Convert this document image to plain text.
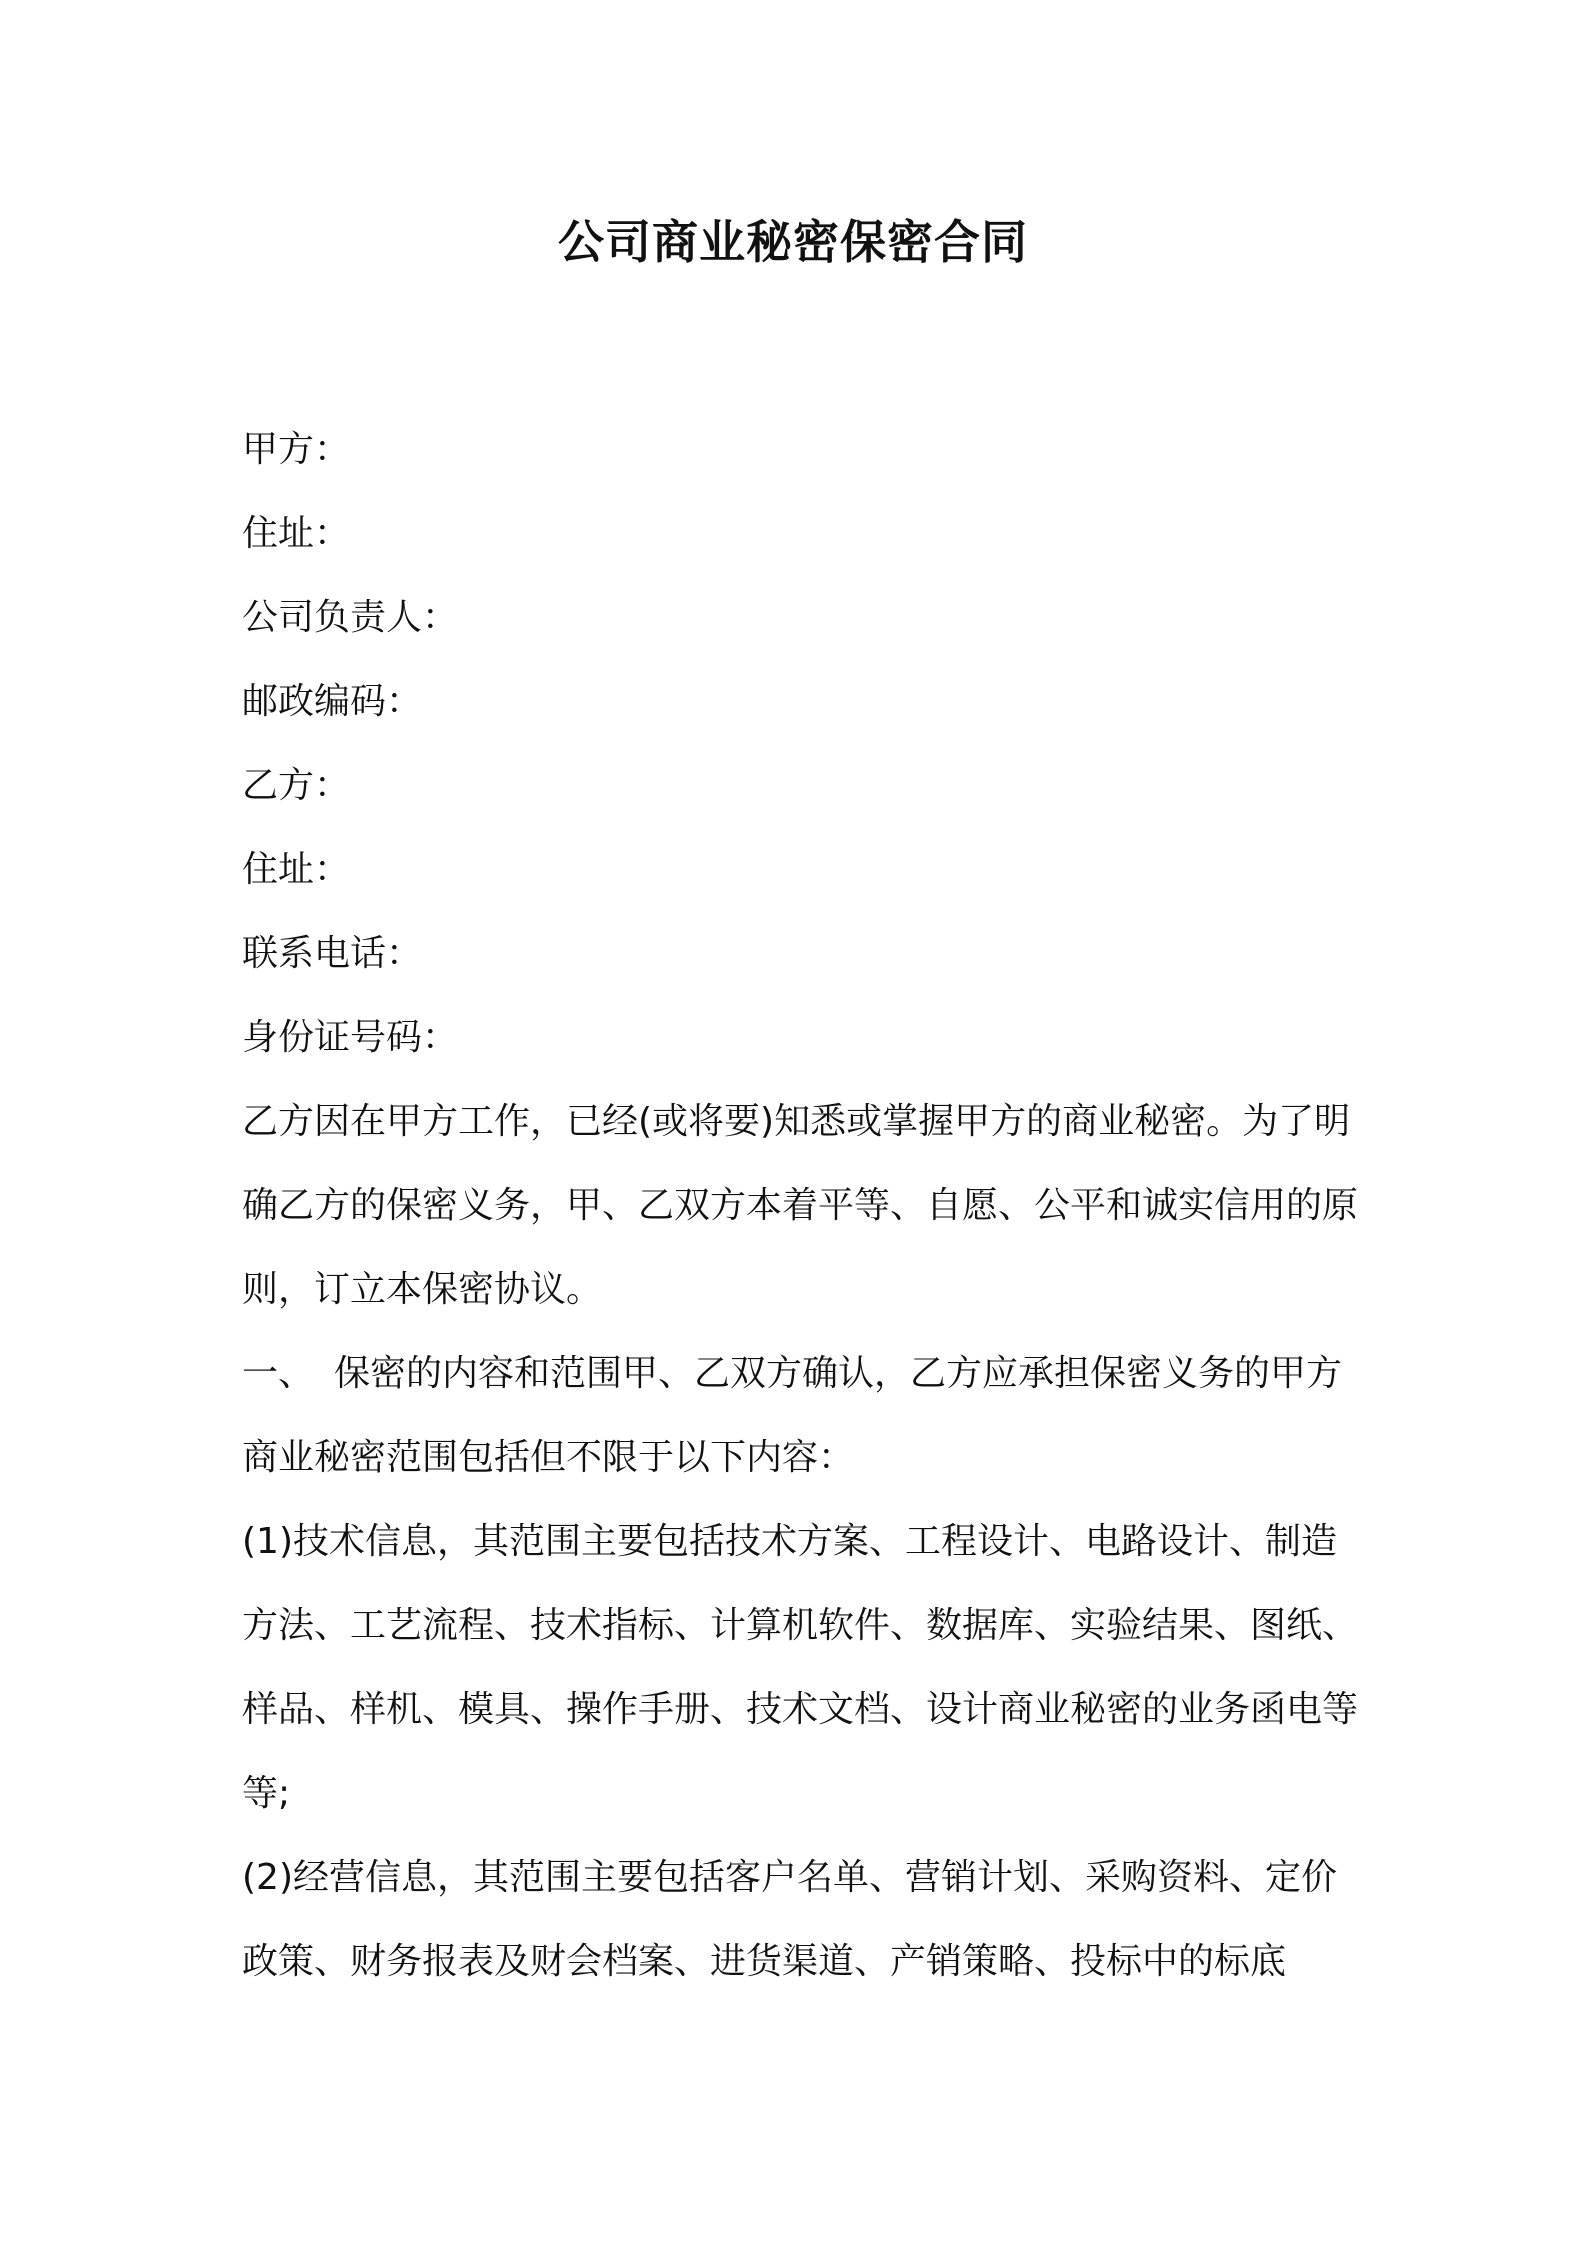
公司商业秘密保密合同
甲方：
住址：
公司负责人：
邮政编码：
乙方：
住址：
联系电话：
身份证号码：

乙方因在甲方工作，已经(或将要)知悉或掌握甲方的商业秘密。为了明确乙方的保密义务，甲、乙双方本着平等、自愿、公平和诚实信用的原则，订立本保密协议。

一、 保密的内容和范围甲、乙双方确认，乙方应承担保密义务的甲方商业秘密范围包括但不限于以下内容：

(1)技术信息，其范围主要包括技术方案、工程设计、电路设计、制造方法、工艺流程、技术指标、计算机软件、数据库、实验结果、图纸、样品、样机、模具、操作手册、技术文档、设计商业秘密的业务函电等等;

(2)经营信息，其范围主要包括客户名单、营销计划、采购资料、定价政策、财务报表及财会档案、进货渠道、产销策略、投标中的标底
